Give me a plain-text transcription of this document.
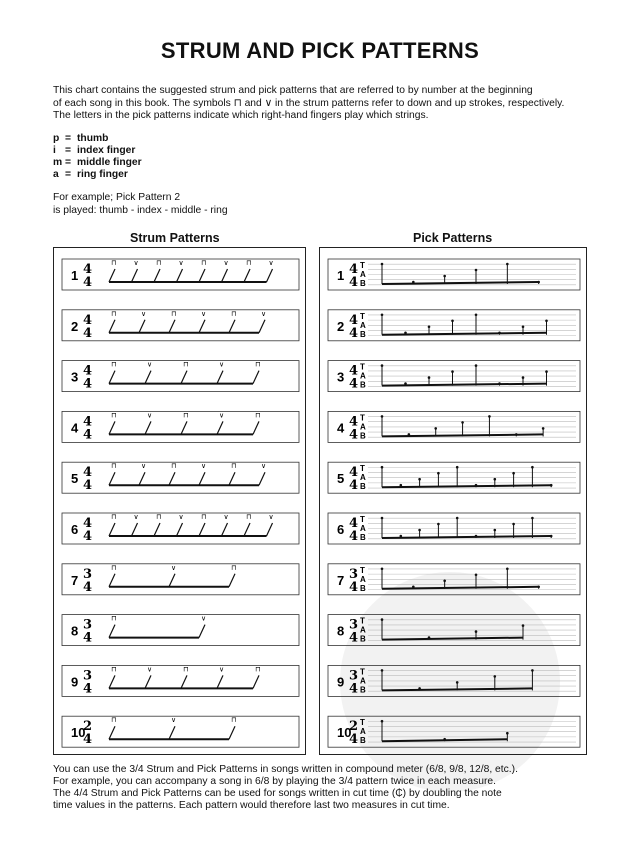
STRUM AND PICK PATTERNS

This chart contains the suggested strum and pick patterns that are referred to by number at the beginning

of each song in this book. The symbols ⊓ and ∨ in the strum patterns refer to down and up strokes, respectively.

The letters in the pick patterns indicate which right-hand fingers play which strings.

p = thumb
i = index finger
m = middle finger
a = ring finger
For example; Pick Pattern 2
is played: thumb - index - middle - ring
Strum Patterns	Pick Patterns
1 4
4
⊓ ∨ ⊓ ∨ ⊓ ∨ ⊓ ∨
2 4
4
⊓	∨	⊓	∨	⊓	∨
3 4
4
⊓	∨	⊓	∨	⊓
4 4
4
⊓	∨	⊓	∨	⊓
5 4
4
⊓	∨	⊓	∨	⊓	∨
6 4
4
⊓ ∨ ⊓ ∨ ⊓ ∨ ⊓ ∨
7 3
4
⊓	∨	⊓
8 3
4
⊓	∨
9 3
4
⊓	∨	⊓	∨	⊓
10
2
4
⊓	∨	⊓
1 4
4
T
A
B
2 4
4
T
A
B
3 4
4
T
A
B
4 4
4
T
A
B
5 4
4
T
A
B
6 4
4
T
A
B
7 3
4
T
A
B
8 3
4
T
A
B
9 3
4
T
A
B
10
2
4
T
A
B

You can use the 3/4 Strum and Pick Patterns in songs written in compound meter (6/8, 9/8, 12/8, etc.).

For example, you can accompany a song in 6/8 by playing the 3/4 pattern twice in each measure.

The 4/4 Strum and Pick Patterns can be used for songs written in cut time (₵) by doubling the note

time values in the patterns. Each pattern would therefore last two measures in cut time.
